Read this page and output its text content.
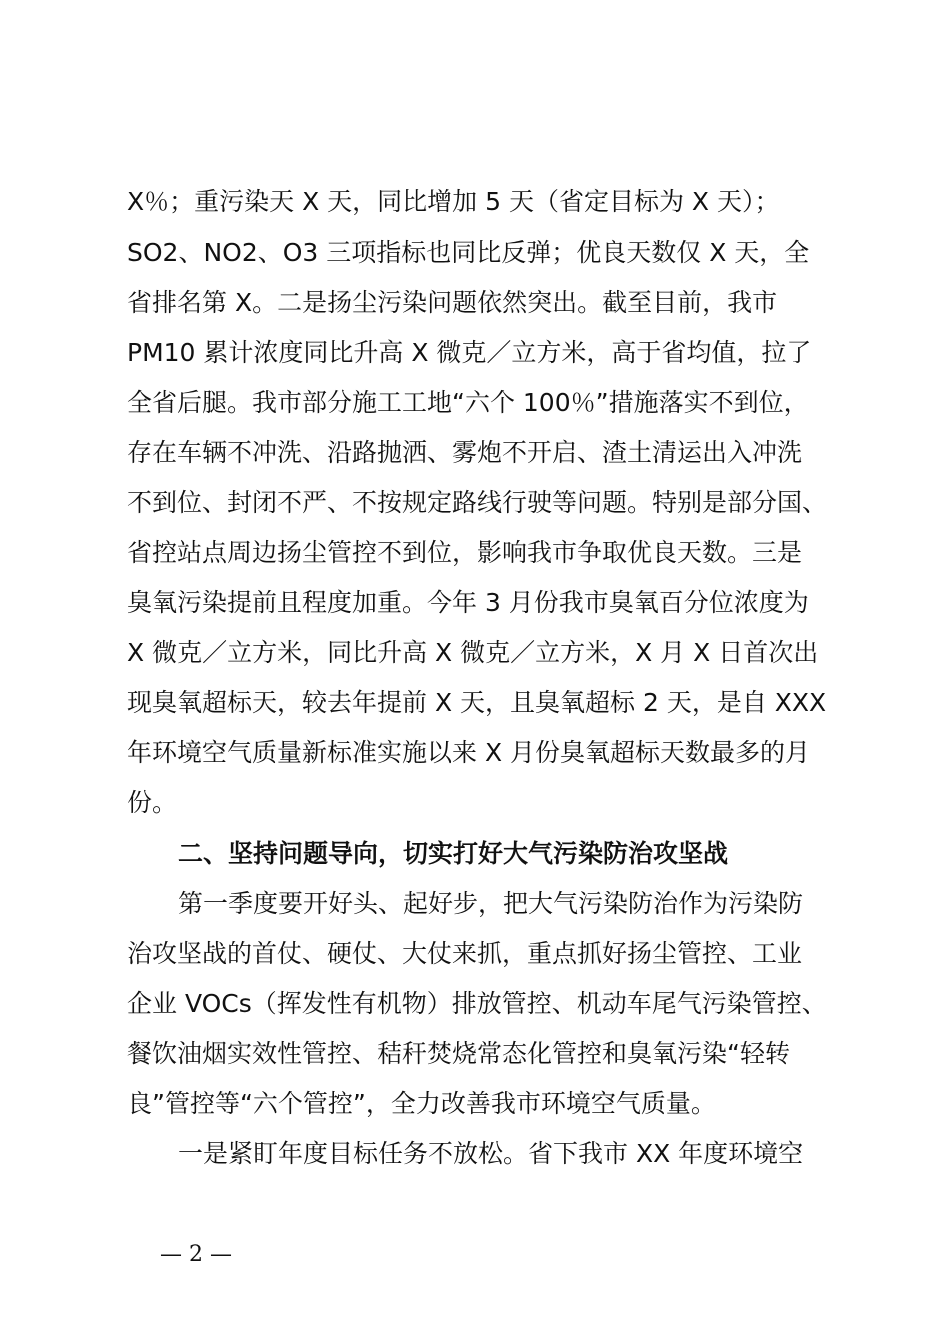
X％；重污染天 X 天，同比增加 5 天（省定目标为 X 天）；
SO2、NO2、O3 三项指标也同比反弹；优良天数仅 X 天，全
省排名第 X。二是扬尘污染问题依然突出。截至目前，我市
PM10 累计浓度同比升高 X 微克／立方米，高于省均值，拉了
全省后腿。我市部分施工工地“六个 100％”措施落实不到位，
存在车辆不冲洗、沿路抛洒、雾炮不开启、渣土清运出入冲洗
不到位、封闭不严、不按规定路线行驶等问题。特别是部分国、
省控站点周边扬尘管控不到位，影响我市争取优良天数。三是
臭氧污染提前且程度加重。今年 3 月份我市臭氧百分位浓度为
X 微克／立方米，同比升高 X 微克／立方米，X 月 X 日首次出
现臭氧超标天，较去年提前 X 天，且臭氧超标 2 天，是自 XXX
年环境空气质量新标准实施以来 X 月份臭氧超标天数最多的月
份。
二、坚持问题导向，切实打好大气污染防治攻坚战
第一季度要开好头、起好步，把大气污染防治作为污染防
治攻坚战的首仗、硬仗、大仗来抓，重点抓好扬尘管控、工业
企业 VOCs（挥发性有机物）排放管控、机动车尾气污染管控、
餐饮油烟实效性管控、秸秆焚烧常态化管控和臭氧污染“轻转
良”管控等“六个管控”，全力改善我市环境空气质量。
一是紧盯年度目标任务不放松。省下我市 XX 年度环境空
— 2 —
